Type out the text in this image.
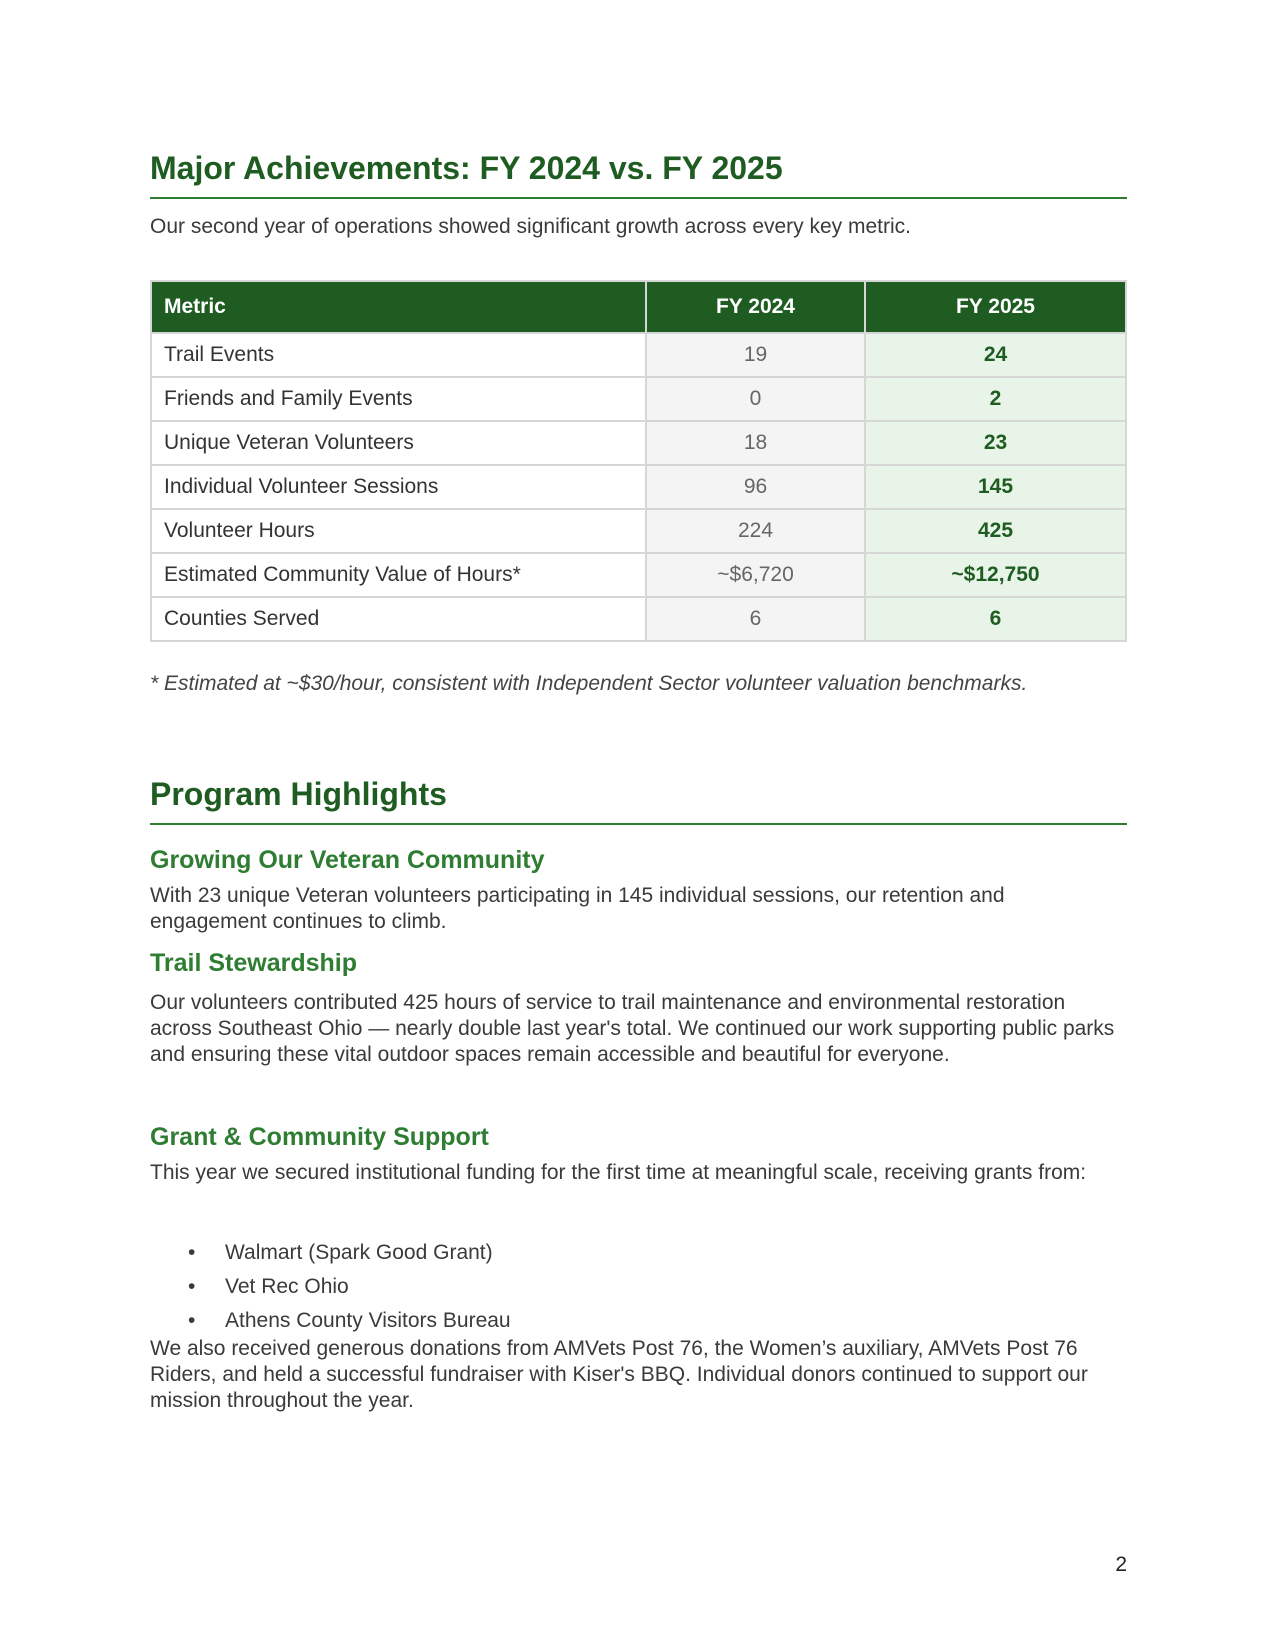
Major Achievements: FY 2024 vs. FY 2025
Our second year of operations showed significant growth across every key metric.
Metric	FY 2024	FY 2025
Trail Events	19	24
Friends and Family Events	0	2
Unique Veteran Volunteers	18	23
Individual Volunteer Sessions	96	145
Volunteer Hours	224	425
Estimated Community Value of Hours*	~$6,720	~$12,750
Counties Served	6	6
* Estimated at ~$30/hour, consistent with Independent Sector volunteer valuation benchmarks.
Program Highlights
Growing Our Veteran Community

With 23 unique Veteran volunteers participating in 145 individual sessions, our retention and engagement continues to climb.

Trail Stewardship

Our volunteers contributed 425 hours of service to trail maintenance and environmental restoration across Southeast Ohio — nearly double last year's total. We continued our work supporting public parks and ensuring these vital outdoor spaces remain accessible and beautiful for everyone.

Grant & Community Support

This year we secured institutional funding for the first time at meaningful scale, receiving grants from:

• Walmart (Spark Good Grant)
• Vet Rec Ohio
• Athens County Visitors Bureau

We also received generous donations from AMVets Post 76, the Women’s auxiliary, AMVets Post 76 Riders, and held a successful fundraiser with Kiser's BBQ. Individual donors continued to support our mission throughout the year.

2
